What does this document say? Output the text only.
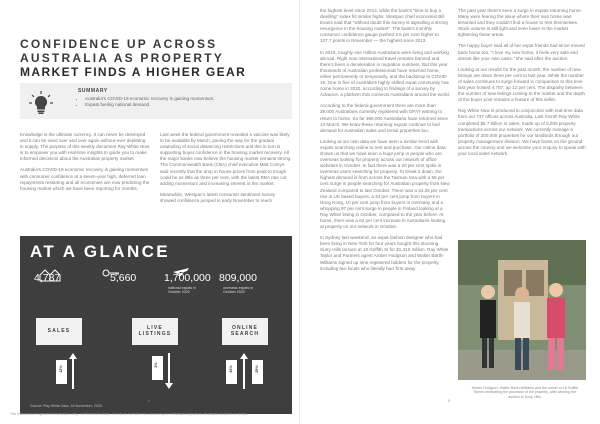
CONFIDENCE UP ACROSS
AUSTRALIA AS PROPERTY
MARKET FINDS A HIGHER GEAR
SUMMARY
• Australia's COVID-19 economic recovery is gaining momentum.
• Expats fueling national demand.

Knowledge is the ultimate currency. It can never be destroyed and it can be used over and over again without ever depleting in supply. The purpose of this weekly document Ray White Now is to empower you with real-time insights to guide you to make informed decisions about the Australian property market.

Australia's COVID-19 economic recovery is gaining momentum with consumer confidence at a seven-year high, deferred loan repayments restarting and all economies are now predicting the housing market which we have been reporting for months.

Last week the federal government revealed a vaccine was likely to be available by March, paving the way for the gradual unwinding of social distancing restrictions and this in turn is supporting buyer confidence in the housing market recovery. All the major banks now believe the housing market remains strong. The Commonwealth Bank (CBA) chief executive Matt Comyn said recently that the drop in house prices from peak to trough could be as little as three per cent, with the latest RBA rate cut adding momentum and increasing interest in the market.

Meanwhile, Westpac's latest consumer sentiment survey showed confidence jumped in early November to reach

AT A GLANCE
4,787	5,660	1,700,000
national expats in October 2020
809,000
overseas expats in October 2020
SALES	LIVE LISTINGS
ONLINE SEARCH
12%
3%
43%	25%
Source: Ray White Data, 16 November, 2020
4

the highest level since 2013, while the bank's "time to buy a dwelling" index hit similar highs. Westpac chief economist Bill Evans said that "without doubt this survey is signalling a strong resurgence in the housing market". The bank's monthly consumer confidence gauge pushed 2.5 per cent higher to 107.7 points in November — the highest since 2013.

In 2019, roughly one million Australians were living and working abroad. Right now international travel remains banned and there's been a deceleration in migration numbers. But this year thousands of Australian professionals have returned home, either permanently or temporarily, and the backdrop to COVID-19. One in five of Australia's highly skilled expat community has come home in 2020, according to findings of a survey by Advance, a platform that connects Australians around the world.

According to the federal government there are more than 39,000 Australians currently registered with DFAT wishing to return to home. So far 398,000 Australians have returned since 13 March. We know these returning expats continue to fuel demand for Australian sales and rental properties too.

Looking at our own data we have seen a similar trend with expats searching online to rent and purchase. Our online data shows us that we have seen a huge jump in people who are overseas looking for property across our network of office websites in October. In fact there was a 20 per cent spike in overseas users searching for property. To break it down, the highest demand is from across the Tasman Sea with a 59 per cent surge in people searching for Australian property from New Zealand compared to last October. There was a 44.25 per cent rise in UK based buyers, a 34 per cent jump from buyers in Hong Kong, 10 per cent jump from buyers in Germany and a whopping 97 per cent surge in people in Finland looking at a Ray White listing in October, compared to the year before. At home, there was a 63 per cent increase in Australians looking at property on our network in October.

In Sydney last weekend, an expat fashion designer who had been living in New York for four years bought this stunning Surry Hills terrace at 18 Griffith St for $1,410 million. Ray White Taylor and Partners agent Amber Hodgson and Walter Barth-Williams signed up nine registered bidders for the property, including two locals who literally had 'first away.

The past year there's seen a surge in expats returning home. Many were fearing the issue where their own home was tenanted and they couldn't find a house to rent themselves. Stock volume is still light and even lower in the market tightening these areas.

The happy buyer said all of her expat friends had since moved back home too. "I love my new home, it feels very safe and almost like your own oasis," she said after the auction.

Looking at our results for the past month, the number of new listings are down three per cent to last year. While the number of sales continues to surge forward in comparison to this time last year hosted 4,787, up 12 per cent. The disparity between the number of new listings coming to the market and the depth of the buyer pool remains a feature of this seller.

Ray White Now is produced in conjunction with real-time data from our 737 offices across Australia. Last month Ray White completed $5.7 billion in sales, made up of 6,000 property transactions across our network. We currently manage a portfolio of 200,000 properties for our landlords through our property management division. We have boots on the ground across the country and we welcome your enquiry to speak with your local sales network.

5

Amber Hodgson, Walter Barth-Williams and the owner of 18 Griffith Street celebrating the purchase of the property, after winning the auction in Surry Hills.

The information is general information only, not financial advice, and does not take into account your individual objectives, financial situation or needs.
